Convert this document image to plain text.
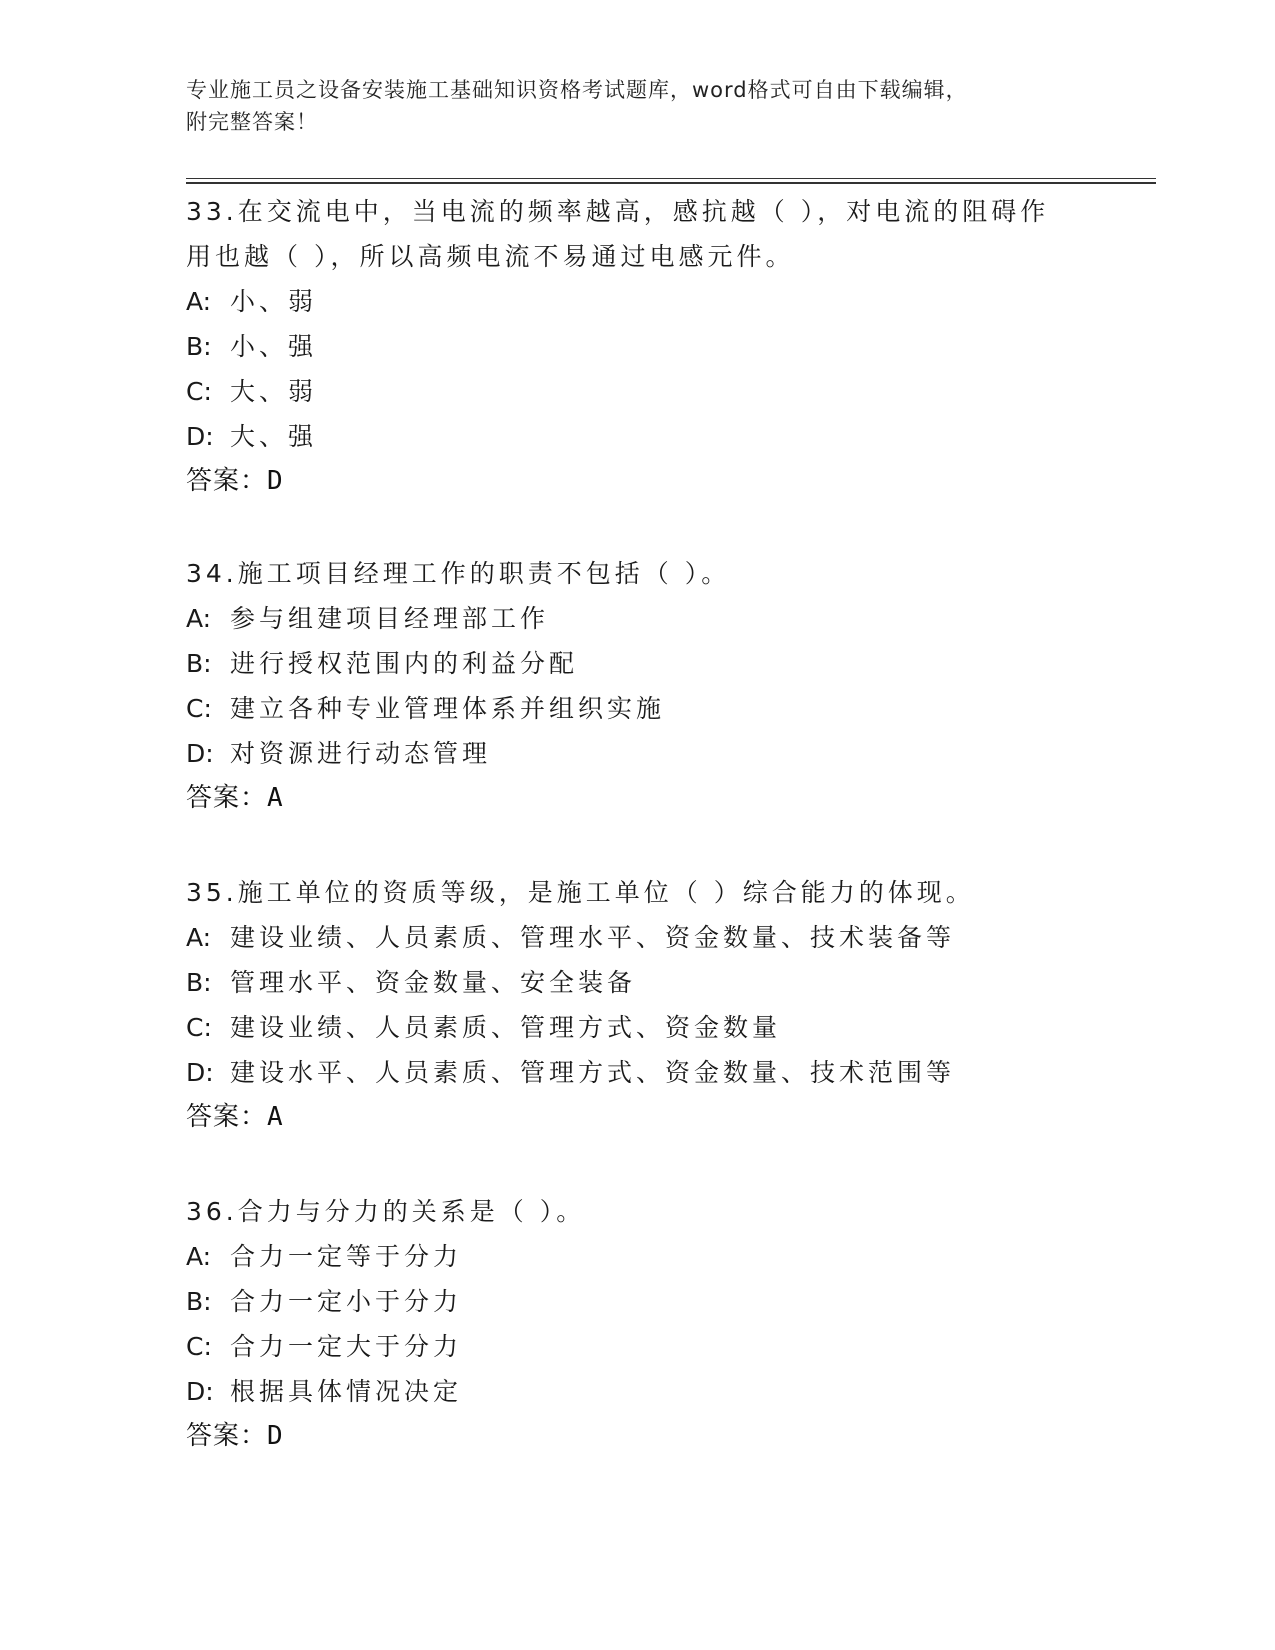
专业施工员之设备安装施工基础知识资格考试题库，word格式可自由下载编辑，
附完整答案！
33.在交流电中，当电流的频率越高，感抗越（ ），对电流的阻碍作
用也越（ ），所以高频电流不易通过电感元件。
A: 小、弱
B: 小、强
C: 大、弱
D: 大、强
答案：D
34.施工项目经理工作的职责不包括（ ）。
A: 参与组建项目经理部工作
B: 进行授权范围内的利益分配
C: 建立各种专业管理体系并组织实施
D: 对资源进行动态管理
答案：A
35.施工单位的资质等级，是施工单位（ ）综合能力的体现。
A: 建设业绩、人员素质、管理水平、资金数量、技术装备等
B: 管理水平、资金数量、安全装备
C: 建设业绩、人员素质、管理方式、资金数量
D: 建设水平、人员素质、管理方式、资金数量、技术范围等
答案：A
36.合力与分力的关系是（ ）。
A: 合力一定等于分力
B: 合力一定小于分力
C: 合力一定大于分力
D: 根据具体情况决定
答案：D
